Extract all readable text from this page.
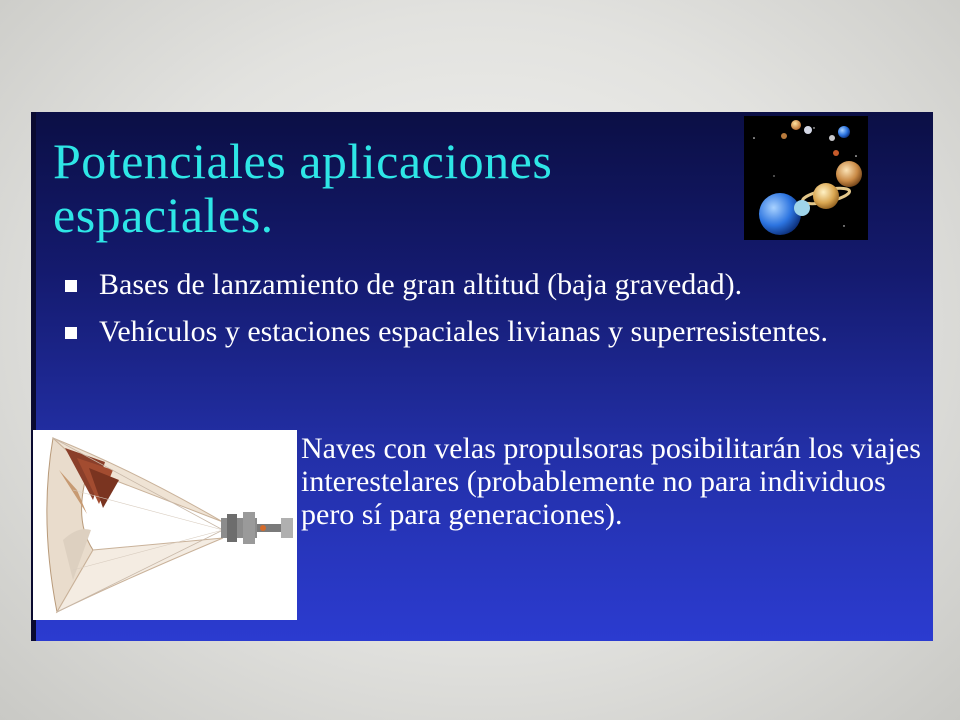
Potenciales aplicaciones espaciales.
Bases de lanzamiento de gran altitud (baja gravedad).
Vehículos y estaciones espaciales livianas y superresistentes.
Naves con velas propulsoras posibilitarán los viajes interestelares (probablemente no para individuos pero sí para generaciones).
